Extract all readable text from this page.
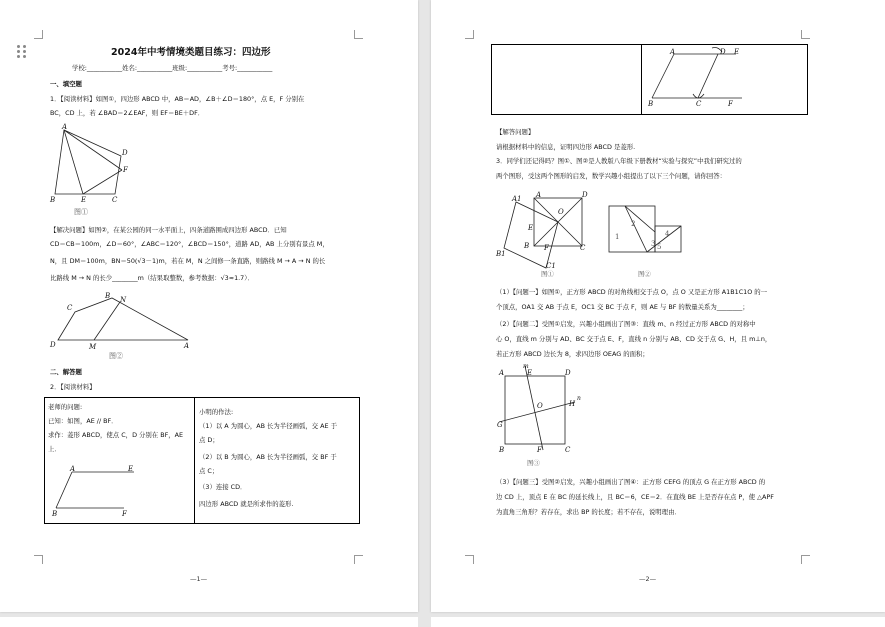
2024年中考情境类题目练习：四边形
学校:___________姓名:___________班级:___________考号:___________
一、填空题
1．【阅读材料】如图①，四边形 ABCD 中，AB＝AD，∠B＋∠D＝180°，点 E，F 分别在
BC，CD 上，若 ∠BAD＝2∠EAF，则 EF＝BE＋DF．
A
B	E	C
D
F
图①
【解决问题】如图②，在某公园的同一水平面上，四条道路围成四边形 ABCD．已知
CD＝CB＝100m，∠D＝60°，∠ABC＝120°，∠BCD＝150°，道路 AD，AB 上分别有景点 M，
N，且 DM＝100m，BN＝50(√3－1)m，若在 M，N 之间修一条直路，则路线 M → A → N 的长
比路线 M → N 的长少________m（结果取整数，参考数据：√3≈1.7）．
D
C
B N
M	A
图②
二、解答题
2．【阅读材料】
老师的问题:
已知：如图，AE // BF．
求作：菱形 ABCD，使点 C，D 分别在 BF，AE
上．
A	E
B	F
小明的作法:
（1）以 A 为圆心，AB 长为半径画弧，交 AE 于
点 D；
（2）以 B 为圆心，AB 长为半径画弧，交 BF 于
点 C；
（3）连接 CD．
四边形 ABCD 就是所求作的菱形.
—1—
A	D E
B	C	F
【解答问题】
请根据材料中的信息，证明四边形 ABCD 是菱形.
3．同学们还记得吗？图①、图②是人教版八年级下册教材“实验与探究”中我们研究过的
两个图形，受这两个图形的启发，数学兴趣小组提出了以下三个问题，请你回答：
A1 A	D
O
E
B F	C
B1
C1
2
1
3
4
5
图①	图②
（1）【问题一】如图①，正方形 ABCD 的对角线相交于点 O，点 O 又是正方形 A1B1C1O 的一
个顶点，OA1 交 AB 于点 E，OC1 交 BC 于点 F，则 AE 与 BF 的数量关系为________；
（2）【问题二】受图①启发，兴趣小组画出了图③：直线 m、n 经过正方形 ABCD 的对称中
心 O，直线 m 分别与 AD、BC 交于点 E、F，直线 n 分别与 AB、CD 交于点 G、H，且 m⊥n，
若正方形 ABCD 边长为 8，求四边形 OEAG 的面积；
A	E	D
m
O	H
n
G
B	F	C
图③
（3）【问题三】受图②启发，兴趣小组画出了图④：正方形 CEFG 的顶点 G 在正方形 ABCD 的
边 CD 上，顶点 E 在 BC 的延长线上，且 BC＝6，CE＝2．在直线 BE 上是否存在点 P，使 △APF
为直角三角形？若存在，求出 BP 的长度；若不存在，说明理由．
—2—
